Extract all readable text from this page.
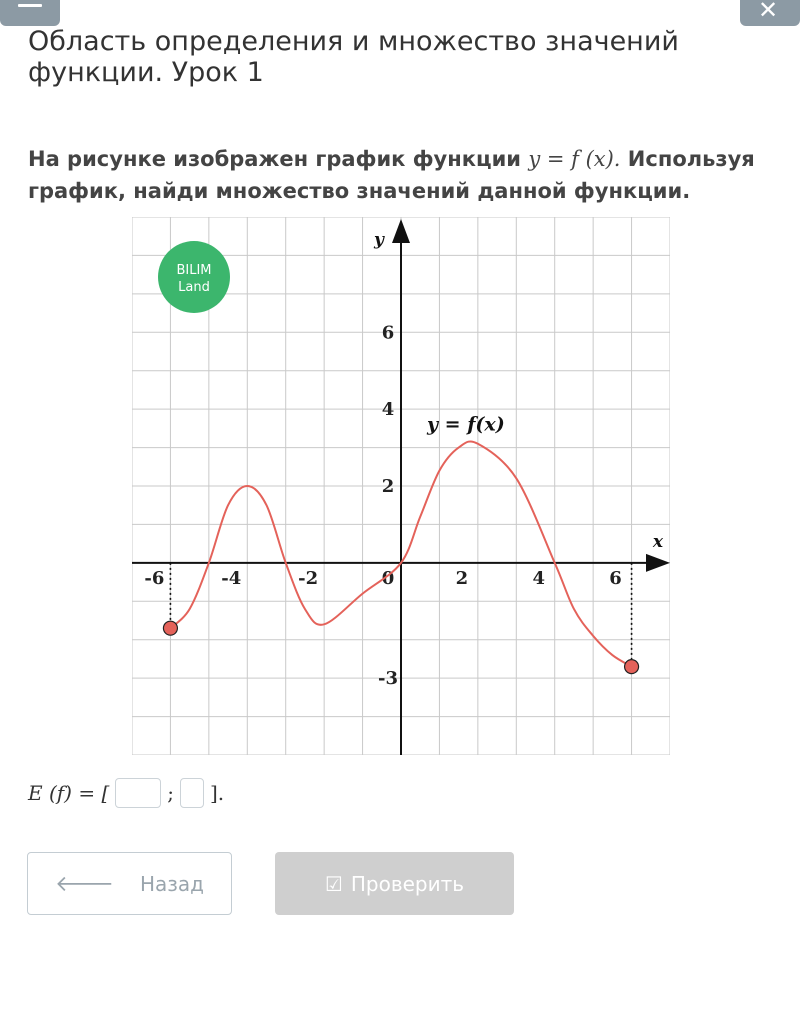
✕
Область определения и множество значений функции. Урок 1
На рисунке изображен график функции y = f (x). Используя график, найди множество значений данной функции.
BILIM
Land
x
y
-6	-4	-2	0	2	4	6
6
4
2
-3
y = f(x)
E (f) = [	; ].
🡐 Назад	☑ Проверить
